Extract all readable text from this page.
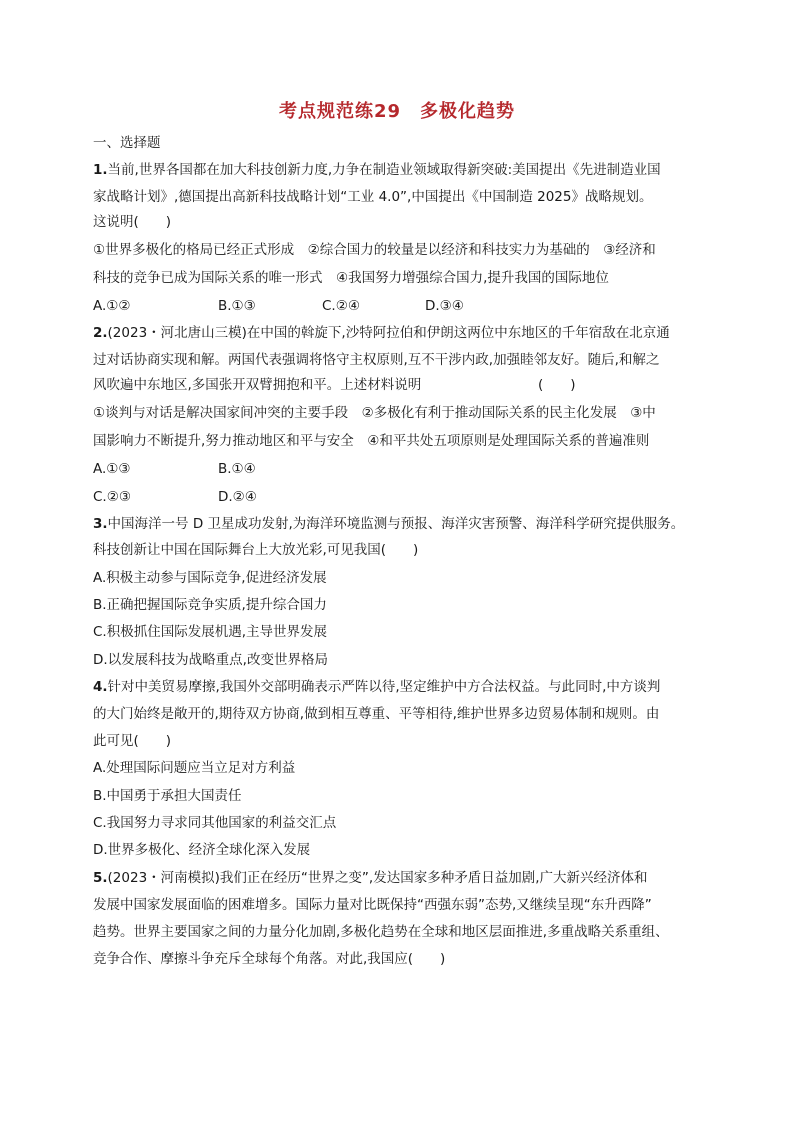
考点规范练29　多极化趋势
一、选择题
1.当前,世界各国都在加大科技创新力度,力争在制造业领域取得新突破:美国提出《先进制造业国
家战略计划》,德国提出高新科技战略计划“工业 4.0”,中国提出《中国制造 2025》战略规划。
这说明(　　)
①世界多极化的格局已经正式形成　②综合国力的较量是以经济和科技实力为基础的　③经济和
科技的竞争已成为国际关系的唯一形式　④我国努力增强综合国力,提升我国的国际地位
A.①②	B.①③	C.②④	D.③④
2.(2023・河北唐山三模)在中国的斡旋下,沙特阿拉伯和伊朗这两位中东地区的千年宿敌在北京通
过对话协商实现和解。两国代表强调将恪守主权原则,互不干涉内政,加强睦邻友好。随后,和解之
风吹遍中东地区,多国张开双臂拥抱和平。上述材料说明	(　　)
①谈判与对话是解决国家间冲突的主要手段　②多极化有利于推动国际关系的民主化发展　③中
国影响力不断提升,努力推动地区和平与安全　④和平共处五项原则是处理国际关系的普遍准则
A.①③	B.①④
C.②③	D.②④
3.中国海洋一号 D 卫星成功发射,为海洋环境监测与预报、海洋灾害预警、海洋科学研究提供服务。
科技创新让中国在国际舞台上大放光彩,可见我国(　　)
A.积极主动参与国际竞争,促进经济发展
B.正确把握国际竞争实质,提升综合国力
C.积极抓住国际发展机遇,主导世界发展
D.以发展科技为战略重点,改变世界格局
4.针对中美贸易摩擦,我国外交部明确表示严阵以待,坚定维护中方合法权益。与此同时,中方谈判
的大门始终是敞开的,期待双方协商,做到相互尊重、平等相待,维护世界多边贸易体制和规则。由
此可见(　　)
A.处理国际问题应当立足对方利益
B.中国勇于承担大国责任
C.我国努力寻求同其他国家的利益交汇点
D.世界多极化、经济全球化深入发展
5.(2023・河南模拟)我们正在经历“世界之变”,发达国家多种矛盾日益加剧,广大新兴经济体和
发展中国家发展面临的困难增多。国际力量对比既保持“西强东弱”态势,又继续呈现“东升西降”
趋势。世界主要国家之间的力量分化加剧,多极化趋势在全球和地区层面推进,多重战略关系重组、
竞争合作、摩擦斗争充斥全球每个角落。对此,我国应(　　)
